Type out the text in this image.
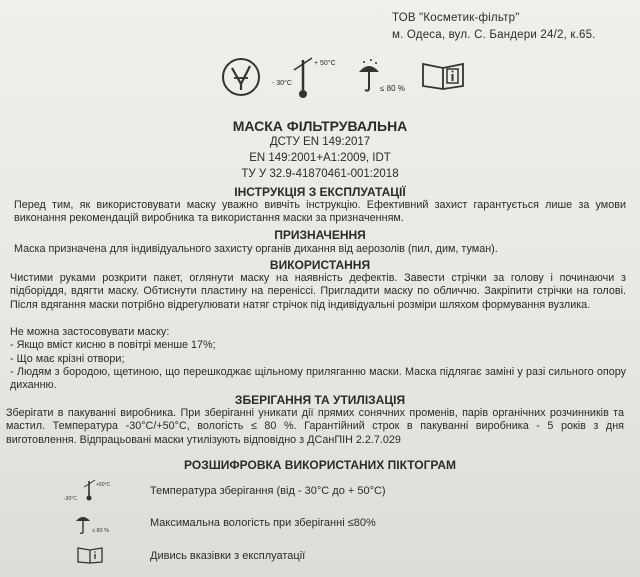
ТОВ "Косметик-фільтр"
м. Одеса, вул. С. Бандери 24/2, к.65.
- 30°C
+ 50°C
≤ 80 %
МАСКА ФІЛЬТРУВАЛЬНА
ДСТУ EN 149:2017
EN 149:2001+A1:2009, IDT
ТУ У 32.9-41870461-001:2018
ІНСТРУКЦІЯ З ЕКСПЛУАТАЦІЇ
Перед тим, як використовувати маску уважно вивчіть інструкцію. Ефективний захист гарантується лише за умови виконання рекомендацій виробника та використання маски за призначенням.
ПРИЗНАЧЕННЯ
Маска призначена для індивідуального захисту органів дихання від аерозолів (пил, дим, туман).
ВИКОРИСТАННЯ
Чистими руками розкрити пакет, оглянути маску на наявність дефектів. Завести стрічки за голову і починаючи з підборіддя, вдягти маску. Обтиснути пластину на переніссі. Пригладити маску по обличчю. Закріпити стрічки на голові. Після вдягання маски потрібно відрегулювати натяг стрічок під індивідуальні розміри шляхом формування вузлика.
Не можна застосовувати маску:
- Якщо вміст кисню в повітрі менше 17%;
- Що має крізні отвори;
- Людям з бородою, щетиною, що перешкоджає щільному приляганню маски. Маска підлягає заміні у разі сильного опору диханню.
ЗБЕРІГАННЯ ТА УТИЛІЗАЦІЯ
Зберігати в пакуванні виробника. При зберіганні уникати дії прямих сонячних променів, парів органічних розчинників та мастил. Температура -30°C/+50°C, вологість ≤ 80 %. Гарантійний строк в пакуванні виробника - 5 років з дня виготовлення. Відпрацьовані маски утилізують відповідно з ДСанПІН 2.2.7.029
РОЗШИФРОВКА ВИКОРИСТАНИХ ПІКТОГРАМ
-30°C
+50°C	Температура зберігання (від - 30°C до + 50°C)
≤ 80 %
Максимальна вологість при зберіганні ≤80%
Дивись вказівки з експлуатації
